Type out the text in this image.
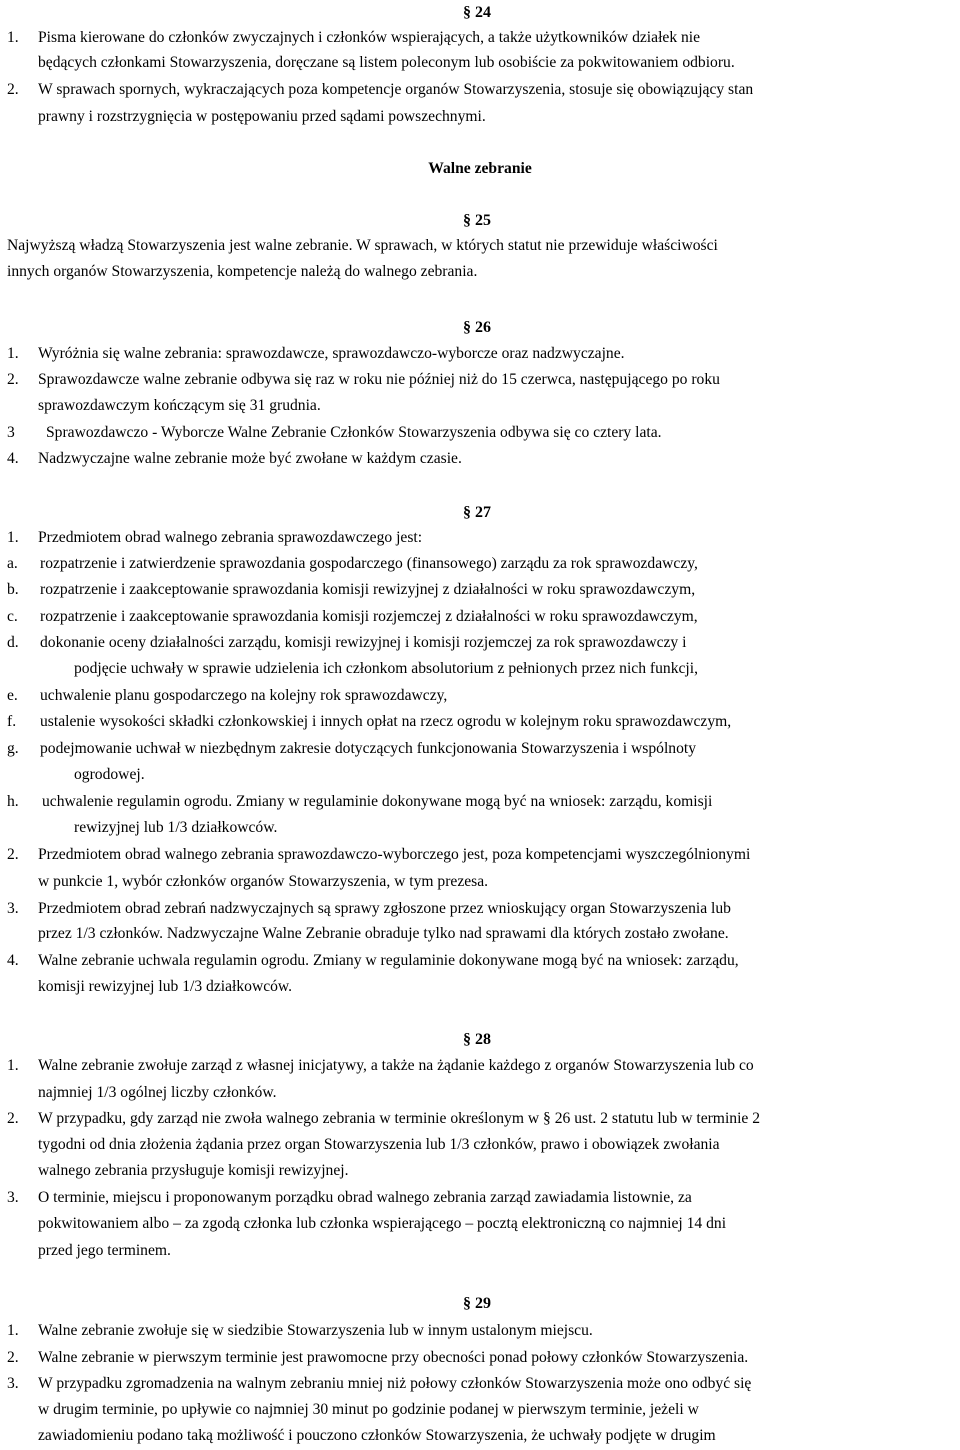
§ 24
1. Pisma kierowane do członków zwyczajnych i członków wspierających, a także użytkowników działek nie
będących członkami Stowarzyszenia, doręczane są listem poleconym lub osobiście za pokwitowaniem odbioru.
2. W sprawach spornych, wykraczających poza kompetencje organów Stowarzyszenia, stosuje się obowiązujący stan
prawny i rozstrzygnięcia w postępowaniu przed sądami powszechnymi.
Walne zebranie
§ 25
Najwyższą władzą Stowarzyszenia jest walne zebranie. W sprawach, w których statut nie przewiduje właściwości
innych organów Stowarzyszenia, kompetencje należą do walnego zebrania.
§ 26
1. Wyróżnia się walne zebrania: sprawozdawcze, sprawozdawczo-wyborcze oraz nadzwyczajne.
2. Sprawozdawcze walne zebranie odbywa się raz w roku nie później niż do 15 czerwca, następującego po roku
sprawozdawczym kończącym się 31 grudnia.
3 Sprawozdawczo - Wyborcze Walne Zebranie Członków Stowarzyszenia odbywa się co cztery lata.
4. Nadzwyczajne walne zebranie może być zwołane w każdym czasie.
§ 27
1. Przedmiotem obrad walnego zebrania sprawozdawczego jest:
a. rozpatrzenie i zatwierdzenie sprawozdania gospodarczego (finansowego) zarządu za rok sprawozdawczy,
b. rozpatrzenie i zaakceptowanie sprawozdania komisji rewizyjnej z działalności w roku sprawozdawczym,
c. rozpatrzenie i zaakceptowanie sprawozdania komisji rozjemczej z działalności w roku sprawozdawczym,
d. dokonanie oceny działalności zarządu, komisji rewizyjnej i komisji rozjemczej za rok sprawozdawczy i
podjęcie uchwały w sprawie udzielenia ich członkom absolutorium z pełnionych przez nich funkcji,
e. uchwalenie planu gospodarczego na kolejny rok sprawozdawczy,
f. ustalenie wysokości składki członkowskiej i innych opłat na rzecz ogrodu w kolejnym roku sprawozdawczym,
g. podejmowanie uchwał w niezbędnym zakresie dotyczących funkcjonowania Stowarzyszenia i wspólnoty
ogrodowej.
h. uchwalenie regulamin ogrodu. Zmiany w regulaminie dokonywane mogą być na wniosek: zarządu, komisji
rewizyjnej lub 1/3 działkowców.
2. Przedmiotem obrad walnego zebrania sprawozdawczo-wyborczego jest, poza kompetencjami wyszczególnionymi
w punkcie 1, wybór członków organów Stowarzyszenia, w tym prezesa.
3. Przedmiotem obrad zebrań nadzwyczajnych są sprawy zgłoszone przez wnioskujący organ Stowarzyszenia lub
przez 1/3 członków. Nadzwyczajne Walne Zebranie obraduje tylko nad sprawami dla których zostało zwołane.
4. Walne zebranie uchwala regulamin ogrodu. Zmiany w regulaminie dokonywane mogą być na wniosek: zarządu,
komisji rewizyjnej lub 1/3 działkowców.
§ 28
1. Walne zebranie zwołuje zarząd z własnej inicjatywy, a także na żądanie każdego z organów Stowarzyszenia lub co
najmniej 1/3 ogólnej liczby członków.
2. W przypadku, gdy zarząd nie zwoła walnego zebrania w terminie określonym w § 26 ust. 2 statutu lub w terminie 2
tygodni od dnia złożenia żądania przez organ Stowarzyszenia lub 1/3 członków, prawo i obowiązek zwołania
walnego zebrania przysługuje komisji rewizyjnej.
3. O terminie, miejscu i proponowanym porządku obrad walnego zebrania zarząd zawiadamia listownie, za
pokwitowaniem albo – za zgodą członka lub członka wspierającego – pocztą elektroniczną co najmniej 14 dni
przed jego terminem.
§ 29
1. Walne zebranie zwołuje się w siedzibie Stowarzyszenia lub w innym ustalonym miejscu.
2. Walne zebranie w pierwszym terminie jest prawomocne przy obecności ponad połowy członków Stowarzyszenia.
3. W przypadku zgromadzenia na walnym zebraniu mniej niż połowy członków Stowarzyszenia może ono odbyć się
w drugim terminie, po upływie co najmniej 30 minut po godzinie podanej w pierwszym terminie, jeżeli w
zawiadomieniu podano taką możliwość i pouczono członków Stowarzyszenia, że uchwały podjęte w drugim
